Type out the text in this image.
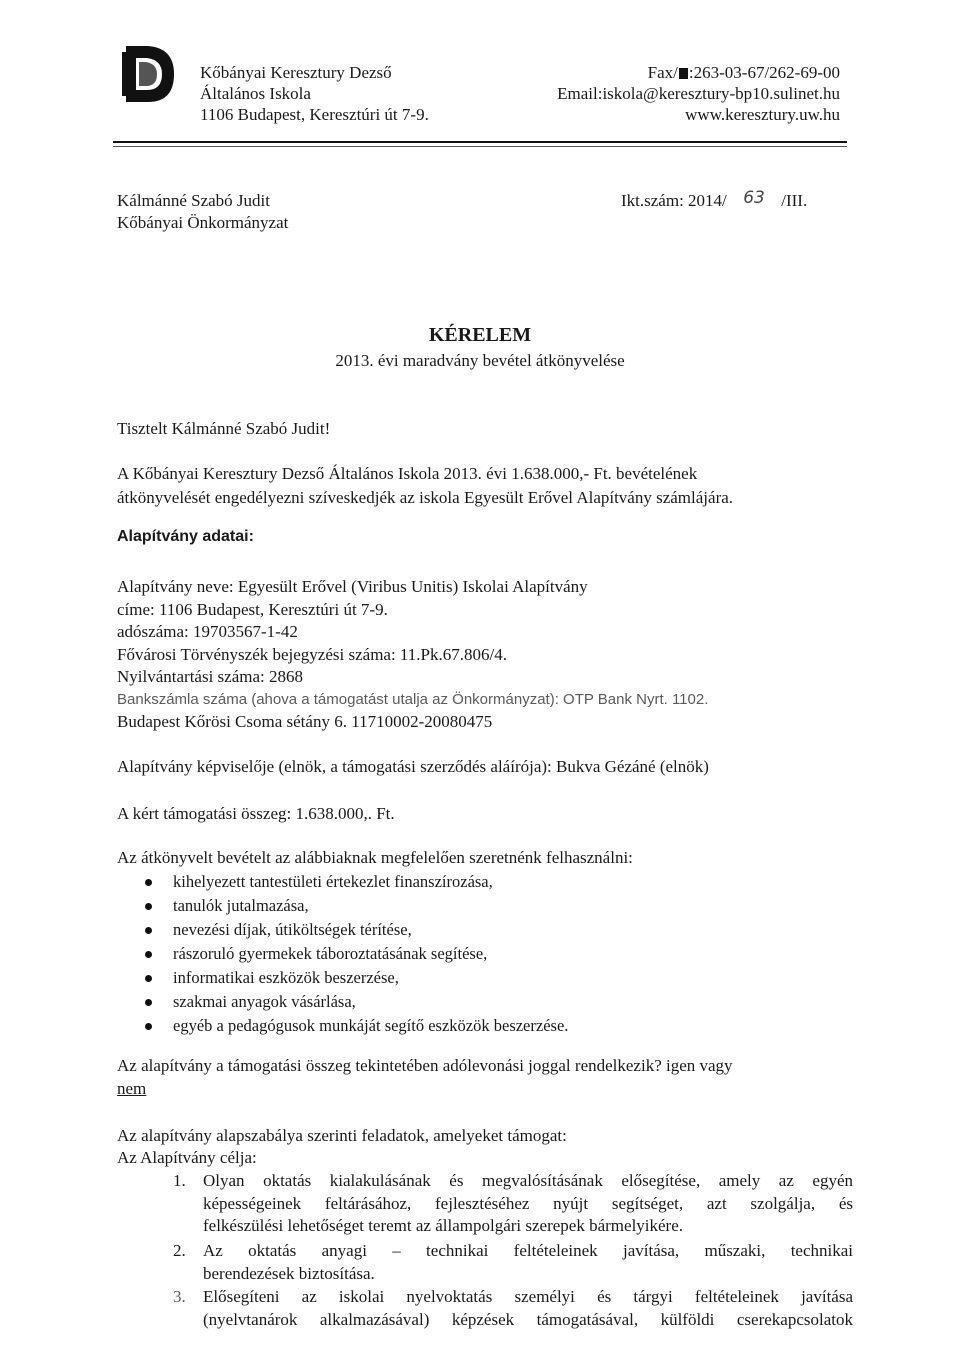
Kőbányai Keresztury Dezső
Általános Iskola
1106 Budapest, Keresztúri út 7-9.
Fax/ :263-03-67/262-69-00
Email:iskola@keresztury-bp10.sulinet.hu
www.keresztury.uw.hu
Kálmánné Szabó Judit
Kőbányai Önkormányzat
Ikt.szám: 2014/ 63 /III.
KÉRELEM
2013. évi maradvány bevétel átkönyvelése
Tisztelt Kálmánné Szabó Judit!
A Kőbányai Keresztury Dezső Általános Iskola 2013. évi 1.638.000,- Ft. bevételének
átkönyvelését engedélyezni szíveskedjék az iskola Egyesült Erővel Alapítvány számlájára.
Alapítvány adatai:
Alapítvány neve: Egyesült Erővel (Viribus Unitis) Iskolai Alapítvány
címe: 1106 Budapest, Keresztúri út 7-9.
adószáma: 19703567-1-42
Fővárosi Törvényszék bejegyzési száma: 11.Pk.67.806/4.
Nyilvántartási száma: 2868
Bankszámla száma (ahova a támogatást utalja az Önkormányzat): OTP Bank Nyrt. 1102.
Budapest Kőrösi Csoma sétány 6. 11710002-20080475
Alapítvány képviselője (elnök, a támogatási szerződés aláírója): Bukva Gézáné (elnök)
A kért támogatási összeg: 1.638.000,. Ft.
Az átkönyvelt bevételt az alábbiaknak megfelelően szeretnénk felhasználni:
kihelyezett tantestületi értekezlet finanszírozása,
tanulók jutalmazása,
nevezési díjak, útiköltségek térítése,
rászoruló gyermekek táboroztatásának segítése,
informatikai eszközök beszerzése,
szakmai anyagok vásárlása,
egyéb a pedagógusok munkáját segítő eszközök beszerzése.
Az alapítvány a támogatási összeg tekintetében adólevonási joggal rendelkezik? igen vagy
nem
Az alapítvány alapszabálya szerinti feladatok, amelyeket támogat:
Az Alapítvány célja:
1. Olyan oktatás kialakulásának és megvalósításának elősegítése, amely az egyén
képességeinek feltárásához, fejlesztéséhez nyújt segítséget, azt szolgálja, és
felkészülési lehetőséget teremt az állampolgári szerepek bármelyikére.
2. Az oktatás anyagi – technikai feltételeinek javítása, műszaki, technikai
berendezések biztosítása.
3. Elősegíteni az iskolai nyelvoktatás személyi és tárgyi feltételeinek javítása
(nyelvtanárok alkalmazásával) képzések támogatásával, külföldi cserekapcsolatok
